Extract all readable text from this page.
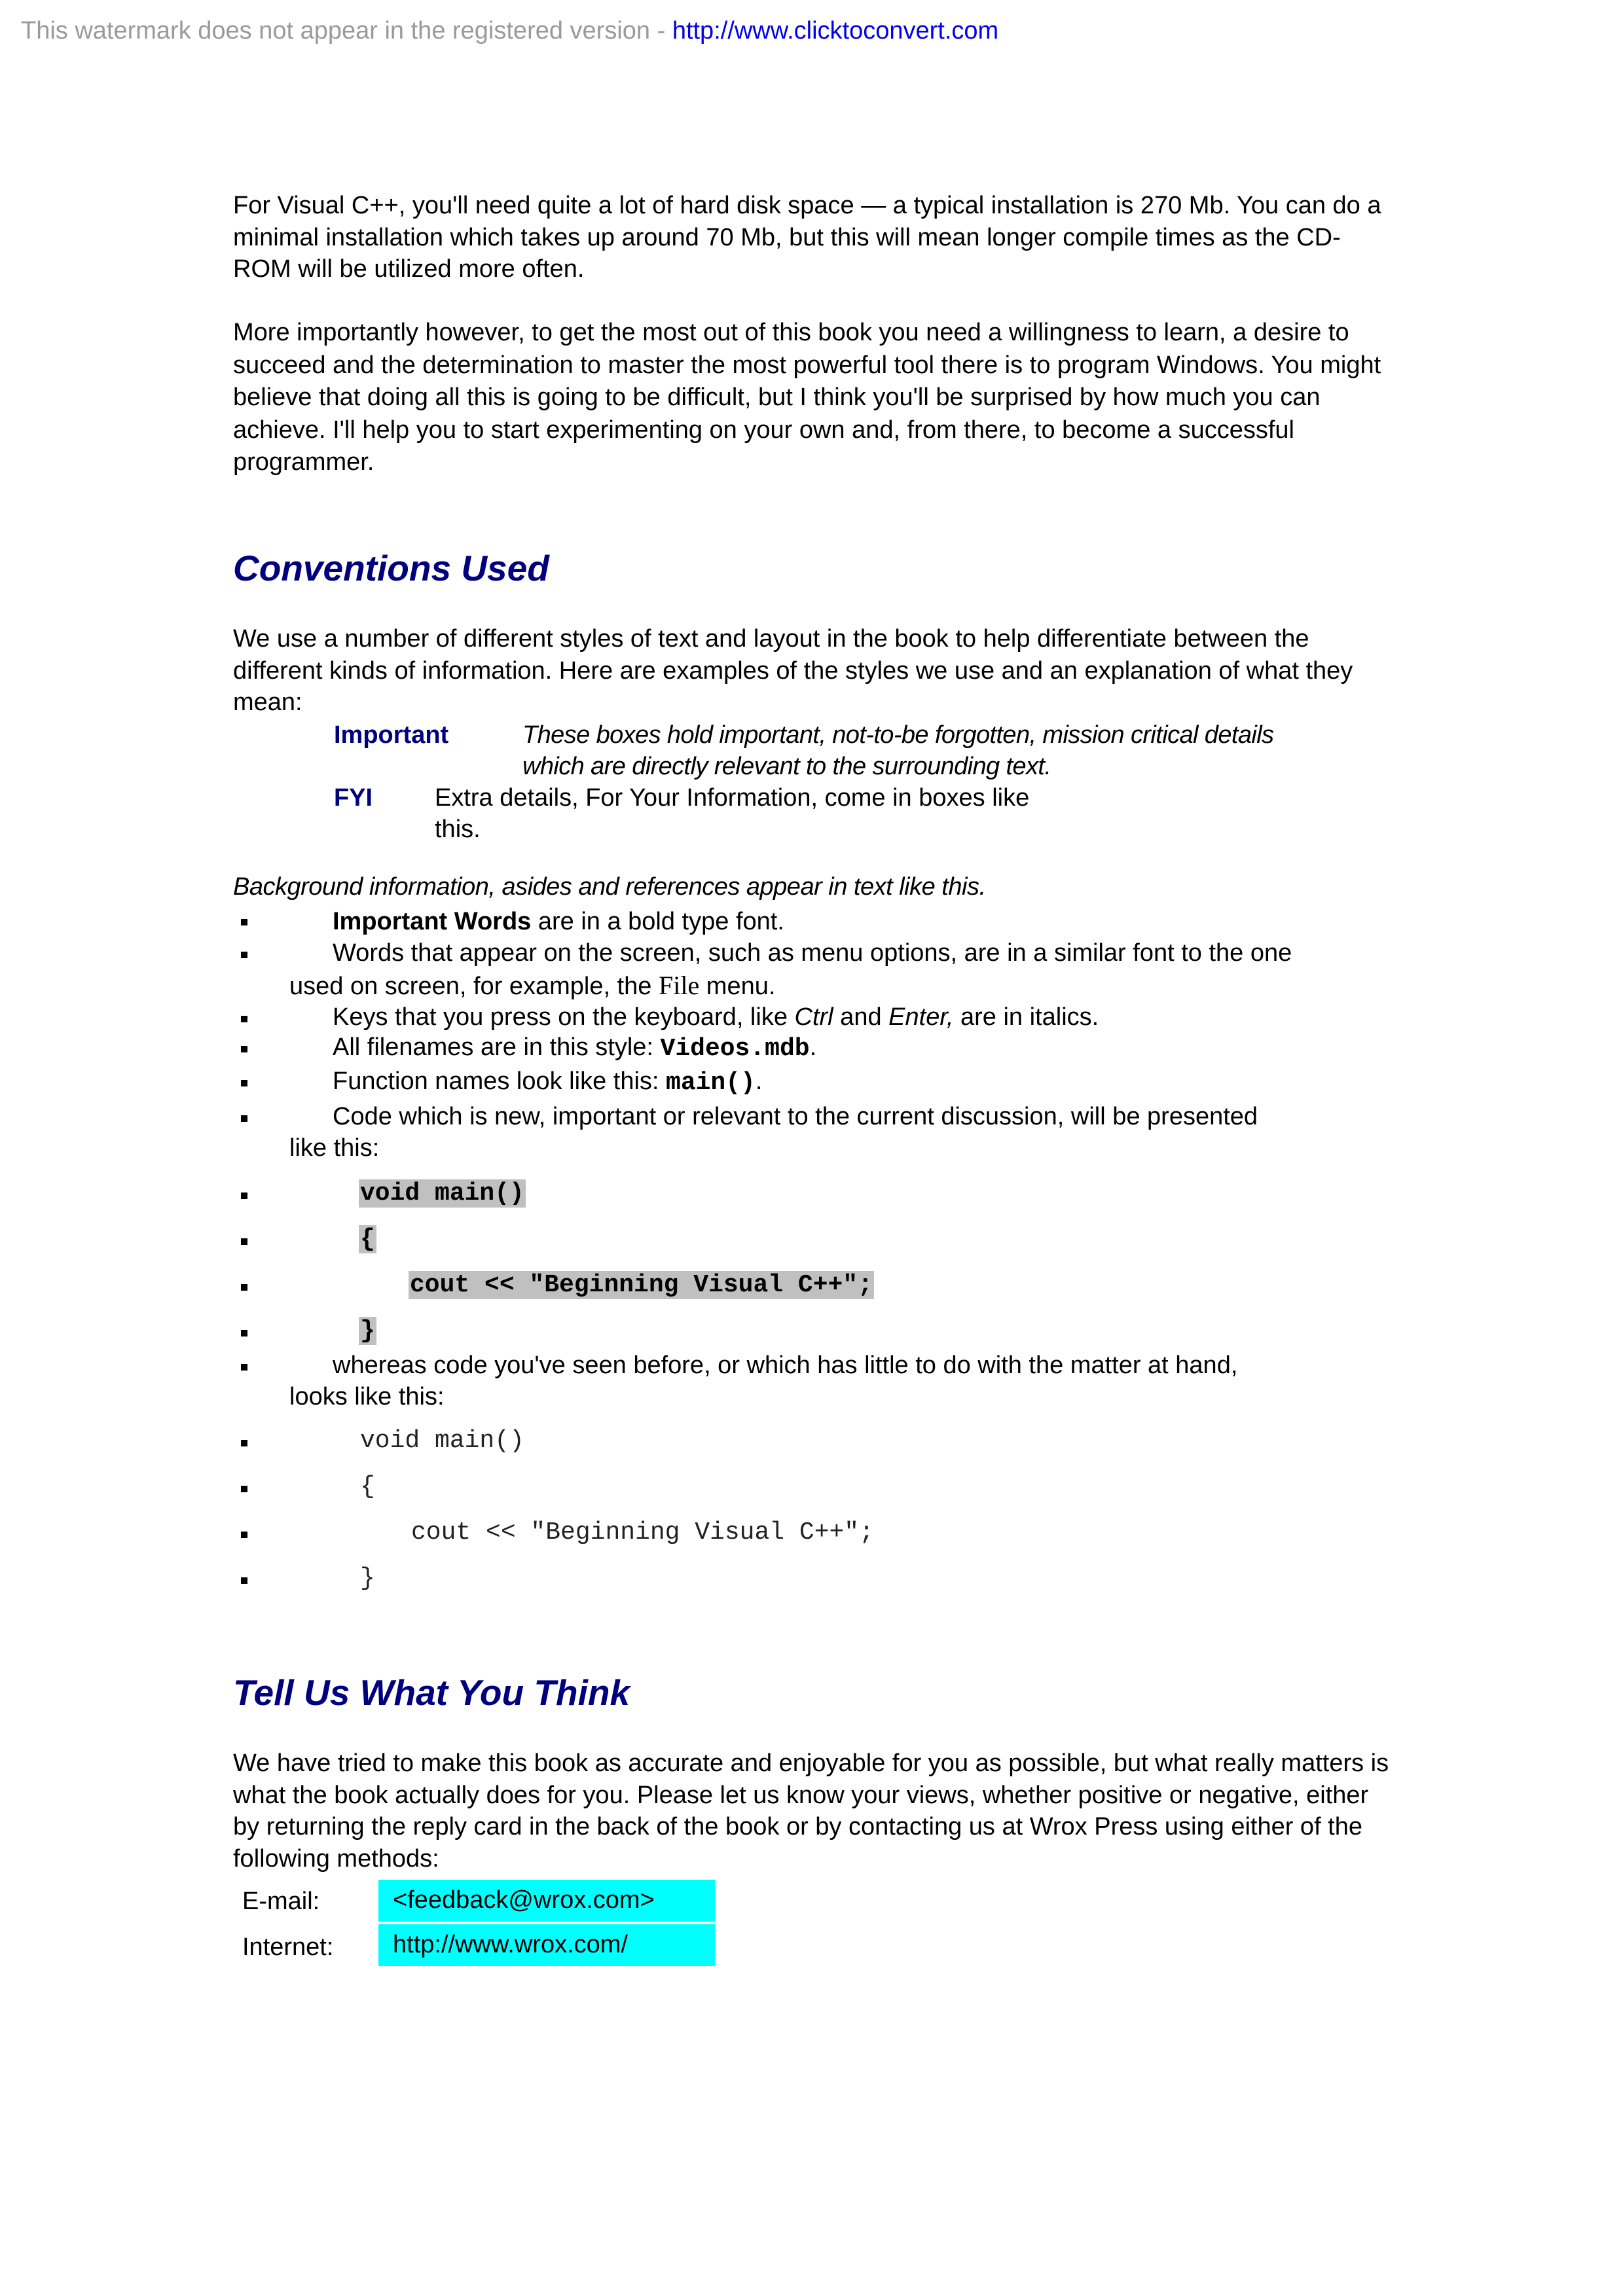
This watermark does not appear in the registered version - http://www.clicktoconvert.com
For Visual C++, you'll need quite a lot of hard disk space — a typical installation is 270 Mb. You can do a minimal installation which takes up around 70 Mb, but this will mean longer compile times as the CD-ROM will be utilized more often.
More importantly however, to get the most out of this book you need a willingness to learn, a desire to succeed and the determination to master the most powerful tool there is to program Windows. You might believe that doing all this is going to be difficult, but I think you'll be surprised by how much you can achieve. I'll help you to start experimenting on your own and, from there, to become a successful programmer.
Conventions Used
We use a number of different styles of text and layout in the book to help differentiate between the different kinds of information. Here are examples of the styles we use and an explanation of what they mean:
Important	These boxes hold important, not-to-be forgotten, mission critical details
which are directly relevant to the surrounding text.
FYI Extra details, For Your Information, come in boxes like
this.
Background information, asides and references appear in text like this.
Important Words are in a bold type font.
Words that appear on the screen, such as menu options, are in a similar font to the one
used on screen, for example, the File menu.
Keys that you press on the keyboard, like Ctrl and Enter, are in italics.
All filenames are in this style: Videos.mdb.
Function names look like this: main().
Code which is new, important or relevant to the current discussion, will be presented
like this:
void main()
{
cout << "Beginning Visual C++";
}
whereas code you've seen before, or which has little to do with the matter at hand,
looks like this:
void main()
{
cout << "Beginning Visual C++";
}
Tell Us What You Think
We have tried to make this book as accurate and enjoyable for you as possible, but what really matters is what the book actually does for you. Please let us know your views, whether positive or negative, either by returning the reply card in the back of the book or by contacting us at Wrox Press using either of the following methods:
E-mail:	<feedback@wrox.com>
Internet:	http://www.wrox.com/
